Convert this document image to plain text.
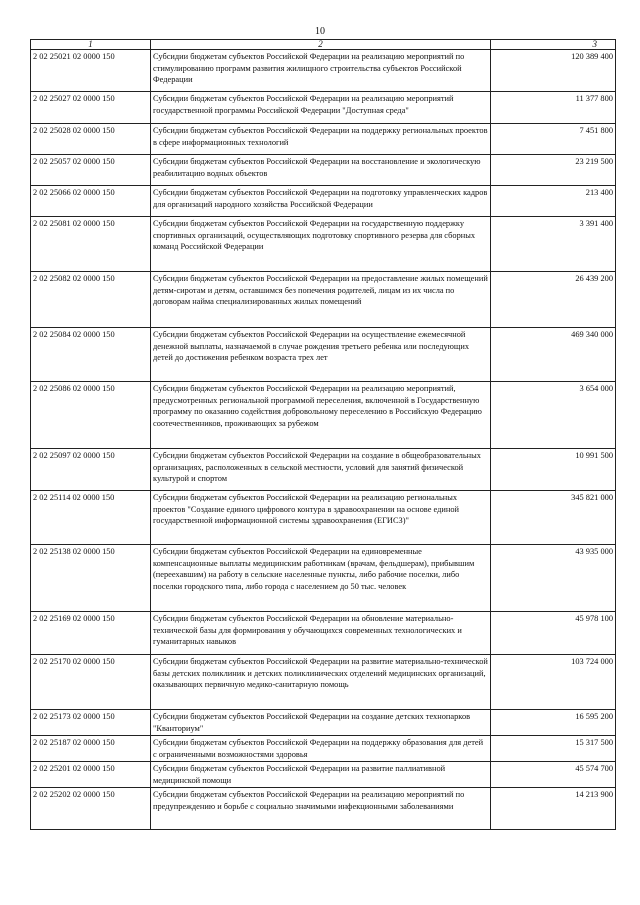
10
1	2	3
2 02 25021 02 0000 150	Субсидии бюджетам субъектов Российской Федерации на реализацию мероприятий по стимулированию программ развития жилищного строительства субъектов Российской Федерации	120 389 400
2 02 25027 02 0000 150	Субсидии бюджетам субъектов Российской Федерации на реализацию мероприятий государственной программы Российской Федерации "Доступная среда"	11 377 800
2 02 25028 02 0000 150	Субсидии бюджетам субъектов Российской Федерации на поддержку региональных проектов в сфере информационных технологий	7 451 800
2 02 25057 02 0000 150	Субсидии бюджетам субъектов Российской Федерации на восстановление и экологическую реабилитацию водных объектов	23 219 500
2 02 25066 02 0000 150	Субсидии бюджетам субъектов Российской Федерации на подготовку управленческих кадров для организаций народного хозяйства Российской Федерации	213 400
2 02 25081 02 0000 150	Субсидии бюджетам субъектов Российской Федерации на государственную поддержку спортивных организаций, осуществляющих подготовку спортивного резерва для сборных команд Российской Федерации	3 391 400
2 02 25082 02 0000 150	Субсидии бюджетам субъектов Российской Федерации на предоставление жилых помещений детям-сиротам и детям, оставшимся без попечения родителей, лицам из их числа по договорам найма специализированных жилых помещений	26 439 200
2 02 25084 02 0000 150	Субсидии бюджетам субъектов Российской Федерации на осуществление ежемесячной денежной выплаты, назначаемой в случае рождения третьего ребенка или последующих детей до достижения ребенком возраста трех лет	469 340 000
2 02 25086 02 0000 150	Субсидии бюджетам субъектов Российской Федерации на реализацию мероприятий, предусмотренных региональной программой переселения, включенной в Государственную программу по оказанию содействия добровольному переселению в Российскую Федерацию соотечественников, проживающих за рубежом	3 654 000
2 02 25097 02 0000 150	Субсидии бюджетам субъектов Российской Федерации на создание в общеобразовательных организациях, расположенных в сельской местности, условий для занятий физической культурой и спортом	10 991 500
2 02 25114 02 0000 150	Субсидии бюджетам субъектов Российской Федерации на реализацию региональных проектов "Создание единого цифрового контура в здравоохранении на основе единой государственной информационной системы здравоохранения (ЕГИСЗ)"	345 821 000
2 02 25138 02 0000 150	Субсидии бюджетам субъектов Российской Федерации на единовременные компенсационные выплаты медицинским работникам (врачам, фельдшерам), прибывшим (переехавшим) на работу в сельские населенные пункты, либо рабочие поселки, либо поселки городского типа, либо города с населением до 50 тыс. человек	43 935 000
2 02 25169 02 0000 150	Субсидии бюджетам субъектов Российской Федерации на обновление материально-технической базы для формирования у обучающихся современных технологических и гуманитарных навыков	45 978 100
2 02 25170 02 0000 150	Субсидии бюджетам субъектов Российской Федерации на развитие материально-технической базы детских поликлиник и детских поликлинических отделений медицинских организаций, оказывающих первичную медико-санитарную помощь	103 724 000
2 02 25173 02 0000 150	Субсидии бюджетам субъектов Российской Федерации на создание детских технопарков "Кванториум"	16 595 200
2 02 25187 02 0000 150	Субсидии бюджетам субъектов Российской Федерации на поддержку образования для детей с ограниченными возможностями здоровья	15 317 500
2 02 25201 02 0000 150	Субсидии бюджетам субъектов Российской Федерации на развитие паллиативной медицинской помощи	45 574 700
2 02 25202 02 0000 150	Субсидии бюджетам субъектов Российской Федерации на реализацию мероприятий по предупреждению и борьбе с социально значимыми инфекционными заболеваниями	14 213 900
